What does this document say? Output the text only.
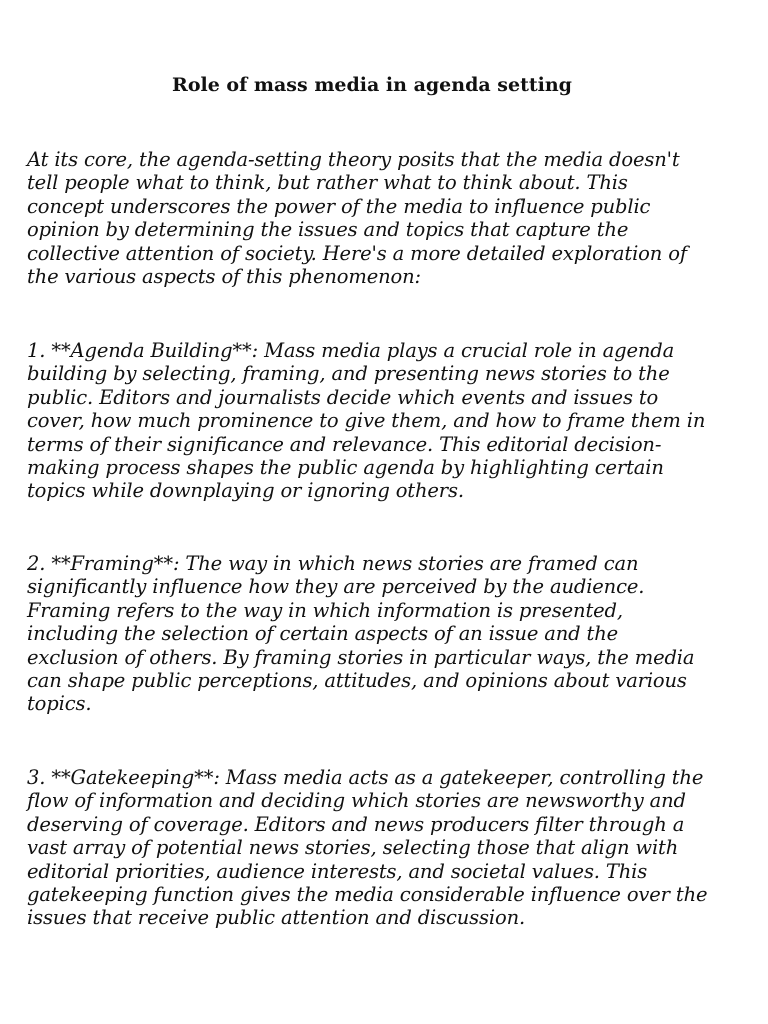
Role of mass media in agenda setting

At its core, the agenda-setting theory posits that the media doesn't
tell people what to think, but rather what to think about. This
concept underscores the power of the media to influence public
opinion by determining the issues and topics that capture the
collective attention of society. Here's a more detailed exploration of
the various aspects of this phenomenon:

1. **Agenda Building**: Mass media plays a crucial role in agenda
building by selecting, framing, and presenting news stories to the
public. Editors and journalists decide which events and issues to
cover, how much prominence to give them, and how to frame them in
terms of their significance and relevance. This editorial decision-
making process shapes the public agenda by highlighting certain
topics while downplaying or ignoring others.

2. **Framing**: The way in which news stories are framed can
significantly influence how they are perceived by the audience.
Framing refers to the way in which information is presented,
including the selection of certain aspects of an issue and the
exclusion of others. By framing stories in particular ways, the media
can shape public perceptions, attitudes, and opinions about various
topics.

3. **Gatekeeping**: Mass media acts as a gatekeeper, controlling the
flow of information and deciding which stories are newsworthy and
deserving of coverage. Editors and news producers filter through a
vast array of potential news stories, selecting those that align with
editorial priorities, audience interests, and societal values. This
gatekeeping function gives the media considerable influence over the
issues that receive public attention and discussion.
